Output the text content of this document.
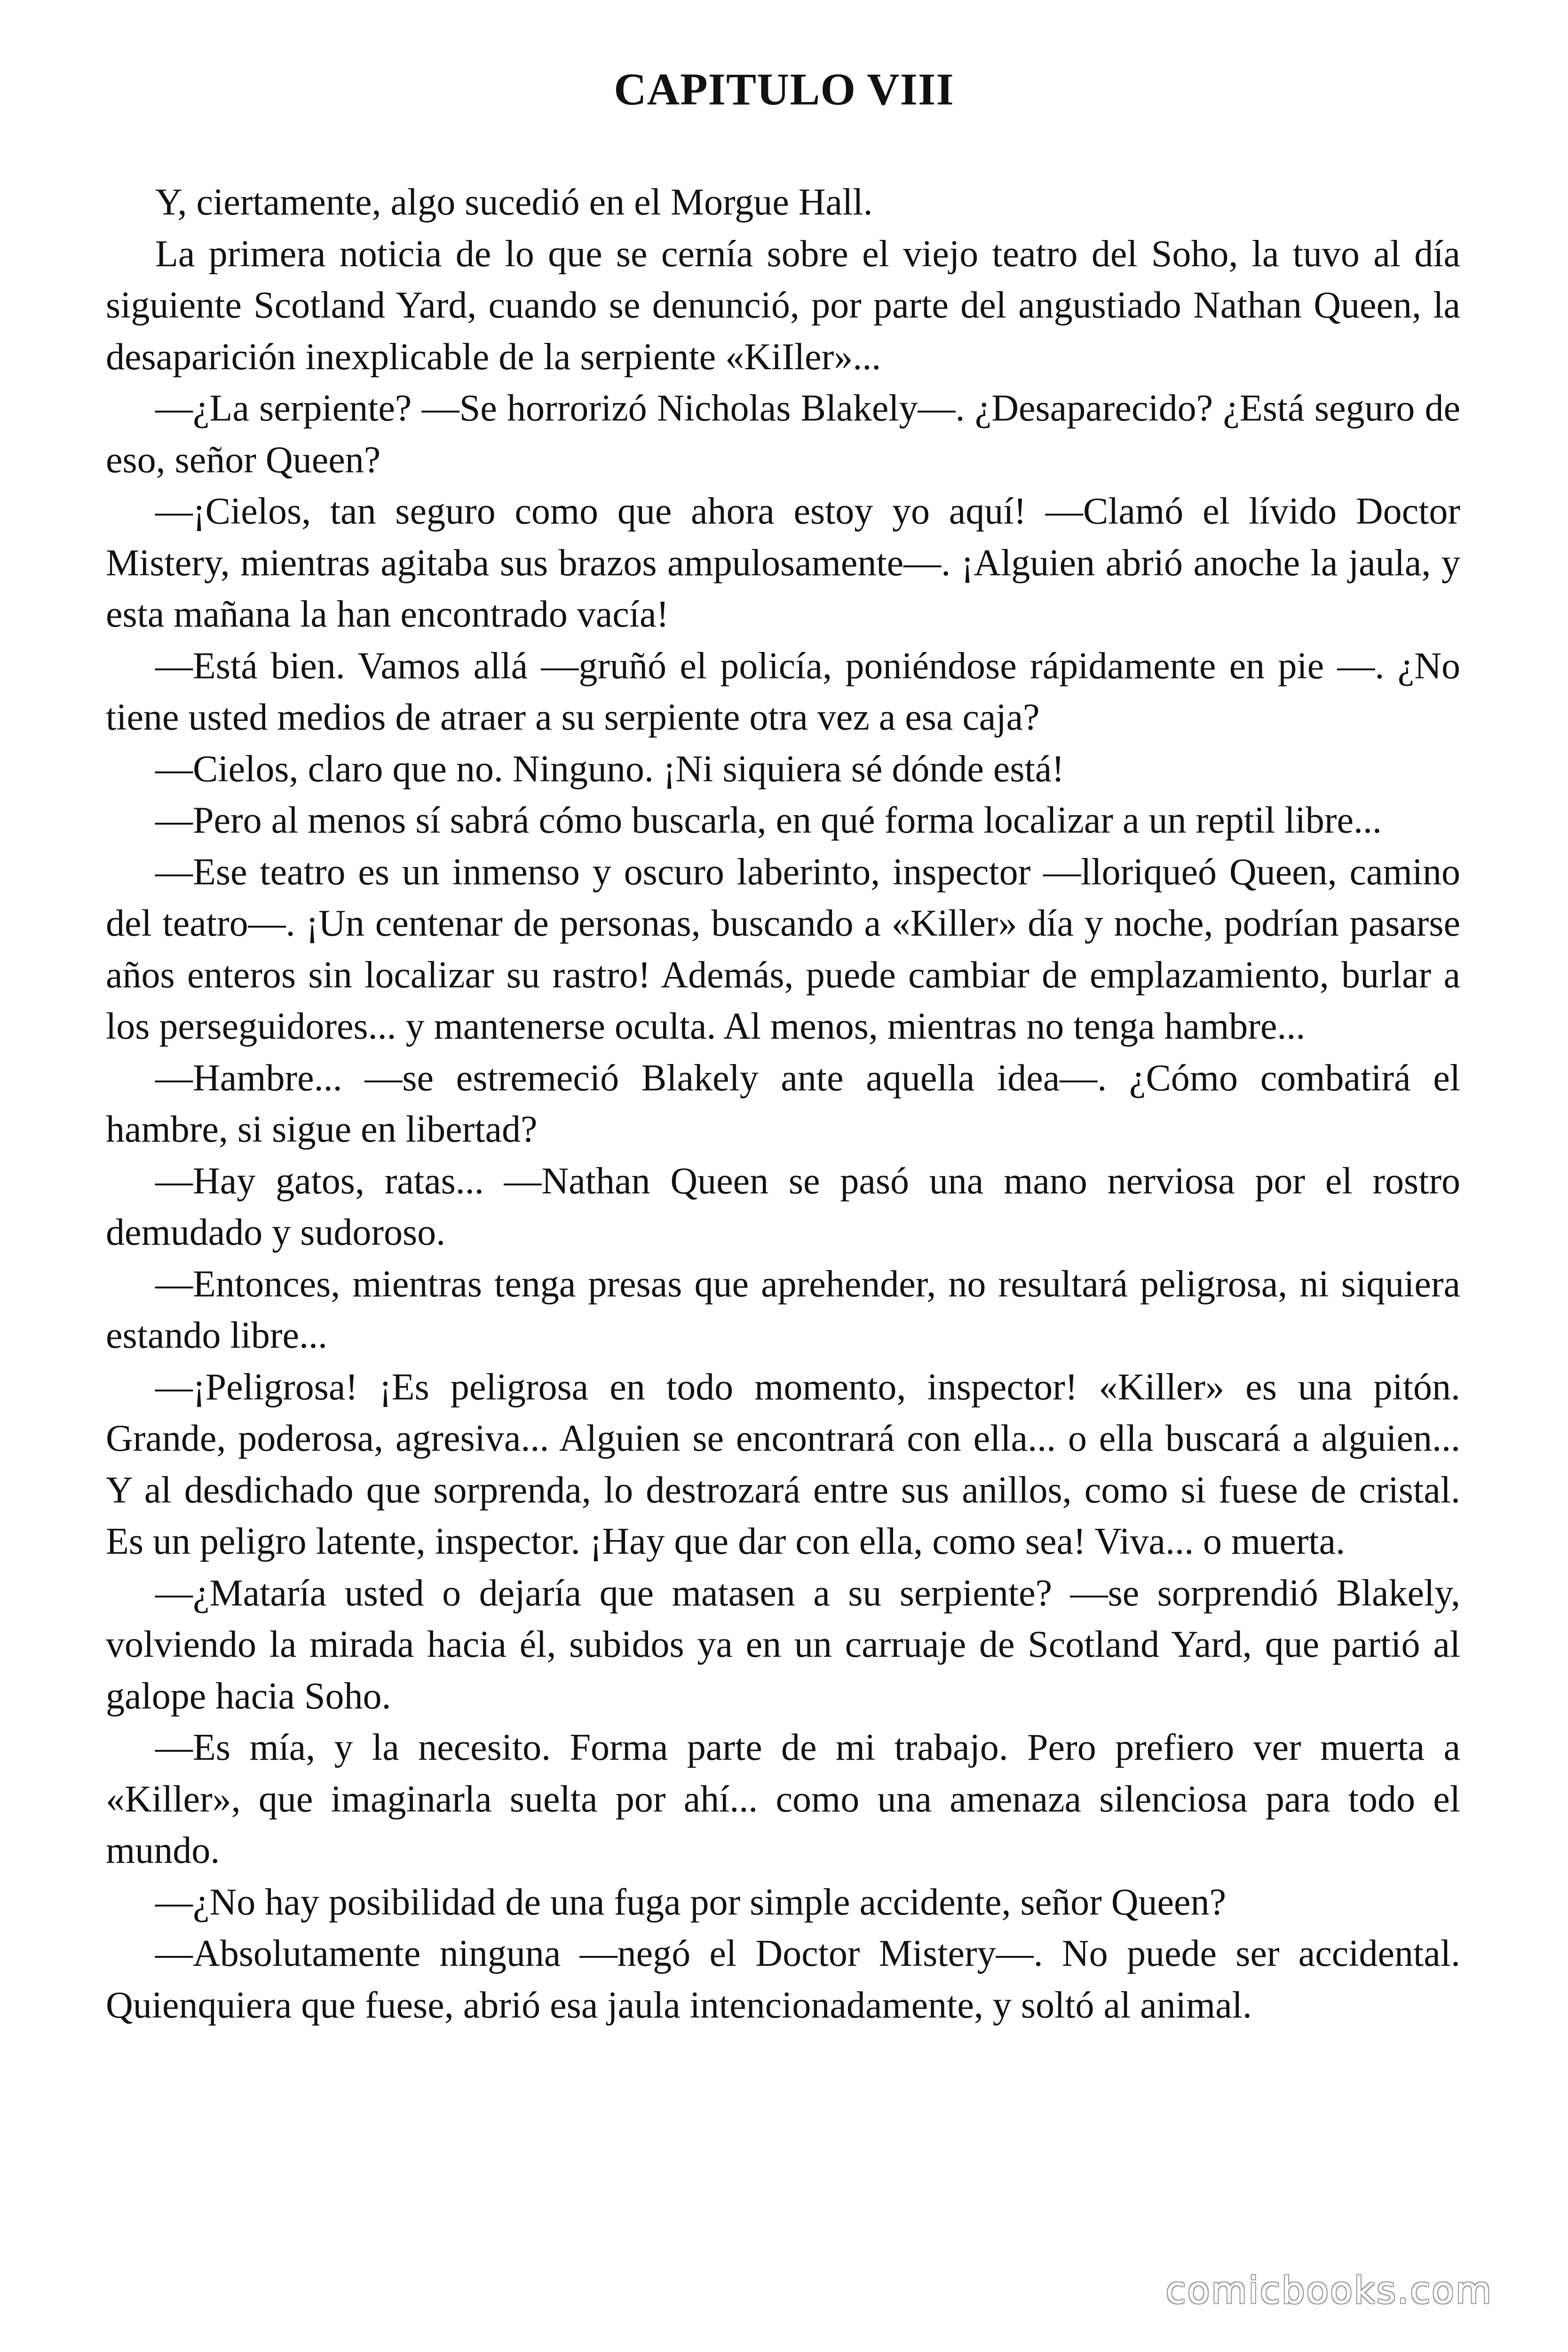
CAPITULO VIII

Y, ciertamente, algo sucedió en el Morgue Hall.

La primera noticia de lo que se cernía sobre el viejo teatro del Soho, la tuvo al día siguiente Scotland Yard, cuando se denunció, por parte del angustiado Nathan Queen, la desaparición inexplicable de la serpiente «KiIler»...

—¿La serpiente? —Se horrorizó Nicholas Blakely—. ¿Desaparecido? ¿Está seguro de eso, señor Queen?

—¡Cielos, tan seguro como que ahora estoy yo aquí! —Clamó el lívido Doctor Mistery, mientras agitaba sus brazos ampulosamente—. ¡Alguien abrió anoche la jaula, y esta mañana la han encontrado vacía!

—Está bien. Vamos allá —gruñó el policía, poniéndose rápidamente en pie —. ¿No tiene usted medios de atraer a su serpiente otra vez a esa caja?

—Cielos, claro que no. Ninguno. ¡Ni siquiera sé dónde está!

—Pero al menos sí sabrá cómo buscarla, en qué forma localizar a un reptil libre...

—Ese teatro es un inmenso y oscuro laberinto, inspector —lloriqueó Queen, camino del teatro—. ¡Un centenar de personas, buscando a «Killer» día y noche, podrían pasarse años enteros sin localizar su rastro! Además, puede cambiar de emplazamiento, burlar a los perseguidores... y mantenerse oculta. Al menos, mientras no tenga hambre...

—Hambre... —se estremeció Blakely ante aquella idea—. ¿Cómo combatirá el hambre, si sigue en libertad?

—Hay gatos, ratas... —Nathan Queen se pasó una mano nerviosa por el rostro demudado y sudoroso.

—Entonces, mientras tenga presas que aprehender, no resultará peligrosa, ni siquiera estando libre...

—¡Peligrosa! ¡Es peligrosa en todo momento, inspector! «Killer» es una pitón. Grande, poderosa, agresiva... Alguien se encontrará con ella... o ella buscará a alguien... Y al desdichado que sorprenda, lo destrozará entre sus anillos, como si fuese de cristal. Es un peligro latente, inspector. ¡Hay que dar con ella, como sea! Viva... o muerta.

—¿Mataría usted o dejaría que matasen a su serpiente? —se sorprendió Blakely, volviendo la mirada hacia él, subidos ya en un carruaje de Scotland Yard, que partió al galope hacia Soho.

—Es mía, y la necesito. Forma parte de mi trabajo. Pero prefiero ver muerta a «Killer», que imaginarla suelta por ahí... como una amenaza silenciosa para todo el mundo.

—¿No hay posibilidad de una fuga por simple accidente, señor Queen?

—Absolutamente ninguna —negó el Doctor Mistery—. No puede ser accidental. Quienquiera que fuese, abrió esa jaula intencionadamente, y soltó al animal.

comicbooks.com
